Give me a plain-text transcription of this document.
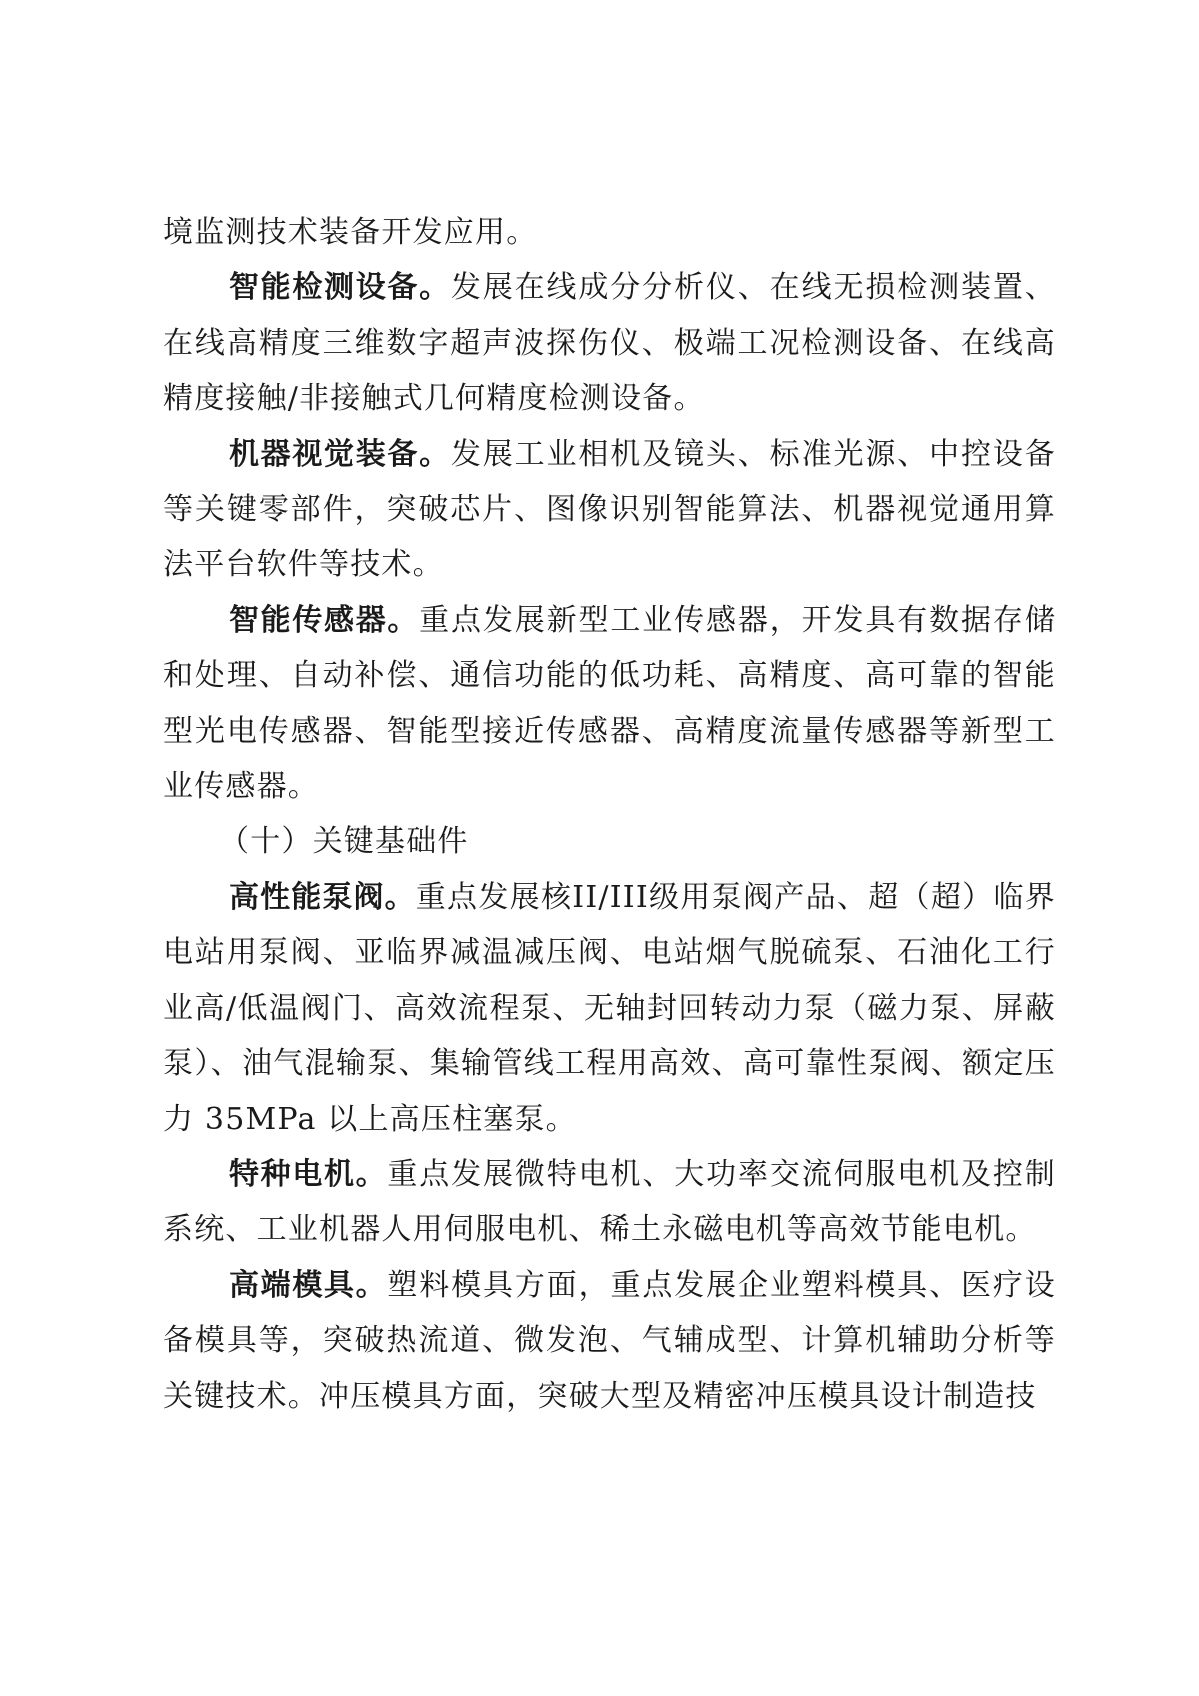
境监测技术装备开发应用。

智能检测设备。发展在线成分分析仪、在线无损检测装置、在线高精度三维数字超声波探伤仪、极端工况检测设备、在线高精度接触/非接触式几何精度检测设备。

机器视觉装备。发展工业相机及镜头、标准光源、中控设备等关键零部件，突破芯片、图像识别智能算法、机器视觉通用算法平台软件等技术。

智能传感器。重点发展新型工业传感器，开发具有数据存储和处理、自动补偿、通信功能的低功耗、高精度、高可靠的智能型光电传感器、智能型接近传感器、高精度流量传感器等新型工业传感器。

（十）关键基础件

高性能泵阀。重点发展核II/III级用泵阀产品、超（超）临界电站用泵阀、亚临界减温减压阀、电站烟气脱硫泵、石油化工行业高/低温阀门、高效流程泵、无轴封回转动力泵（磁力泵、屏蔽泵）、油气混输泵、集输管线工程用高效、高可靠性泵阀、额定压力 35MPa 以上高压柱塞泵。

特种电机。重点发展微特电机、大功率交流伺服电机及控制系统、工业机器人用伺服电机、稀土永磁电机等高效节能电机。

高端模具。塑料模具方面，重点发展企业塑料模具、医疗设备模具等，突破热流道、微发泡、气辅成型、计算机辅助分析等关键技术。冲压模具方面，突破大型及精密冲压模具设计制造技
